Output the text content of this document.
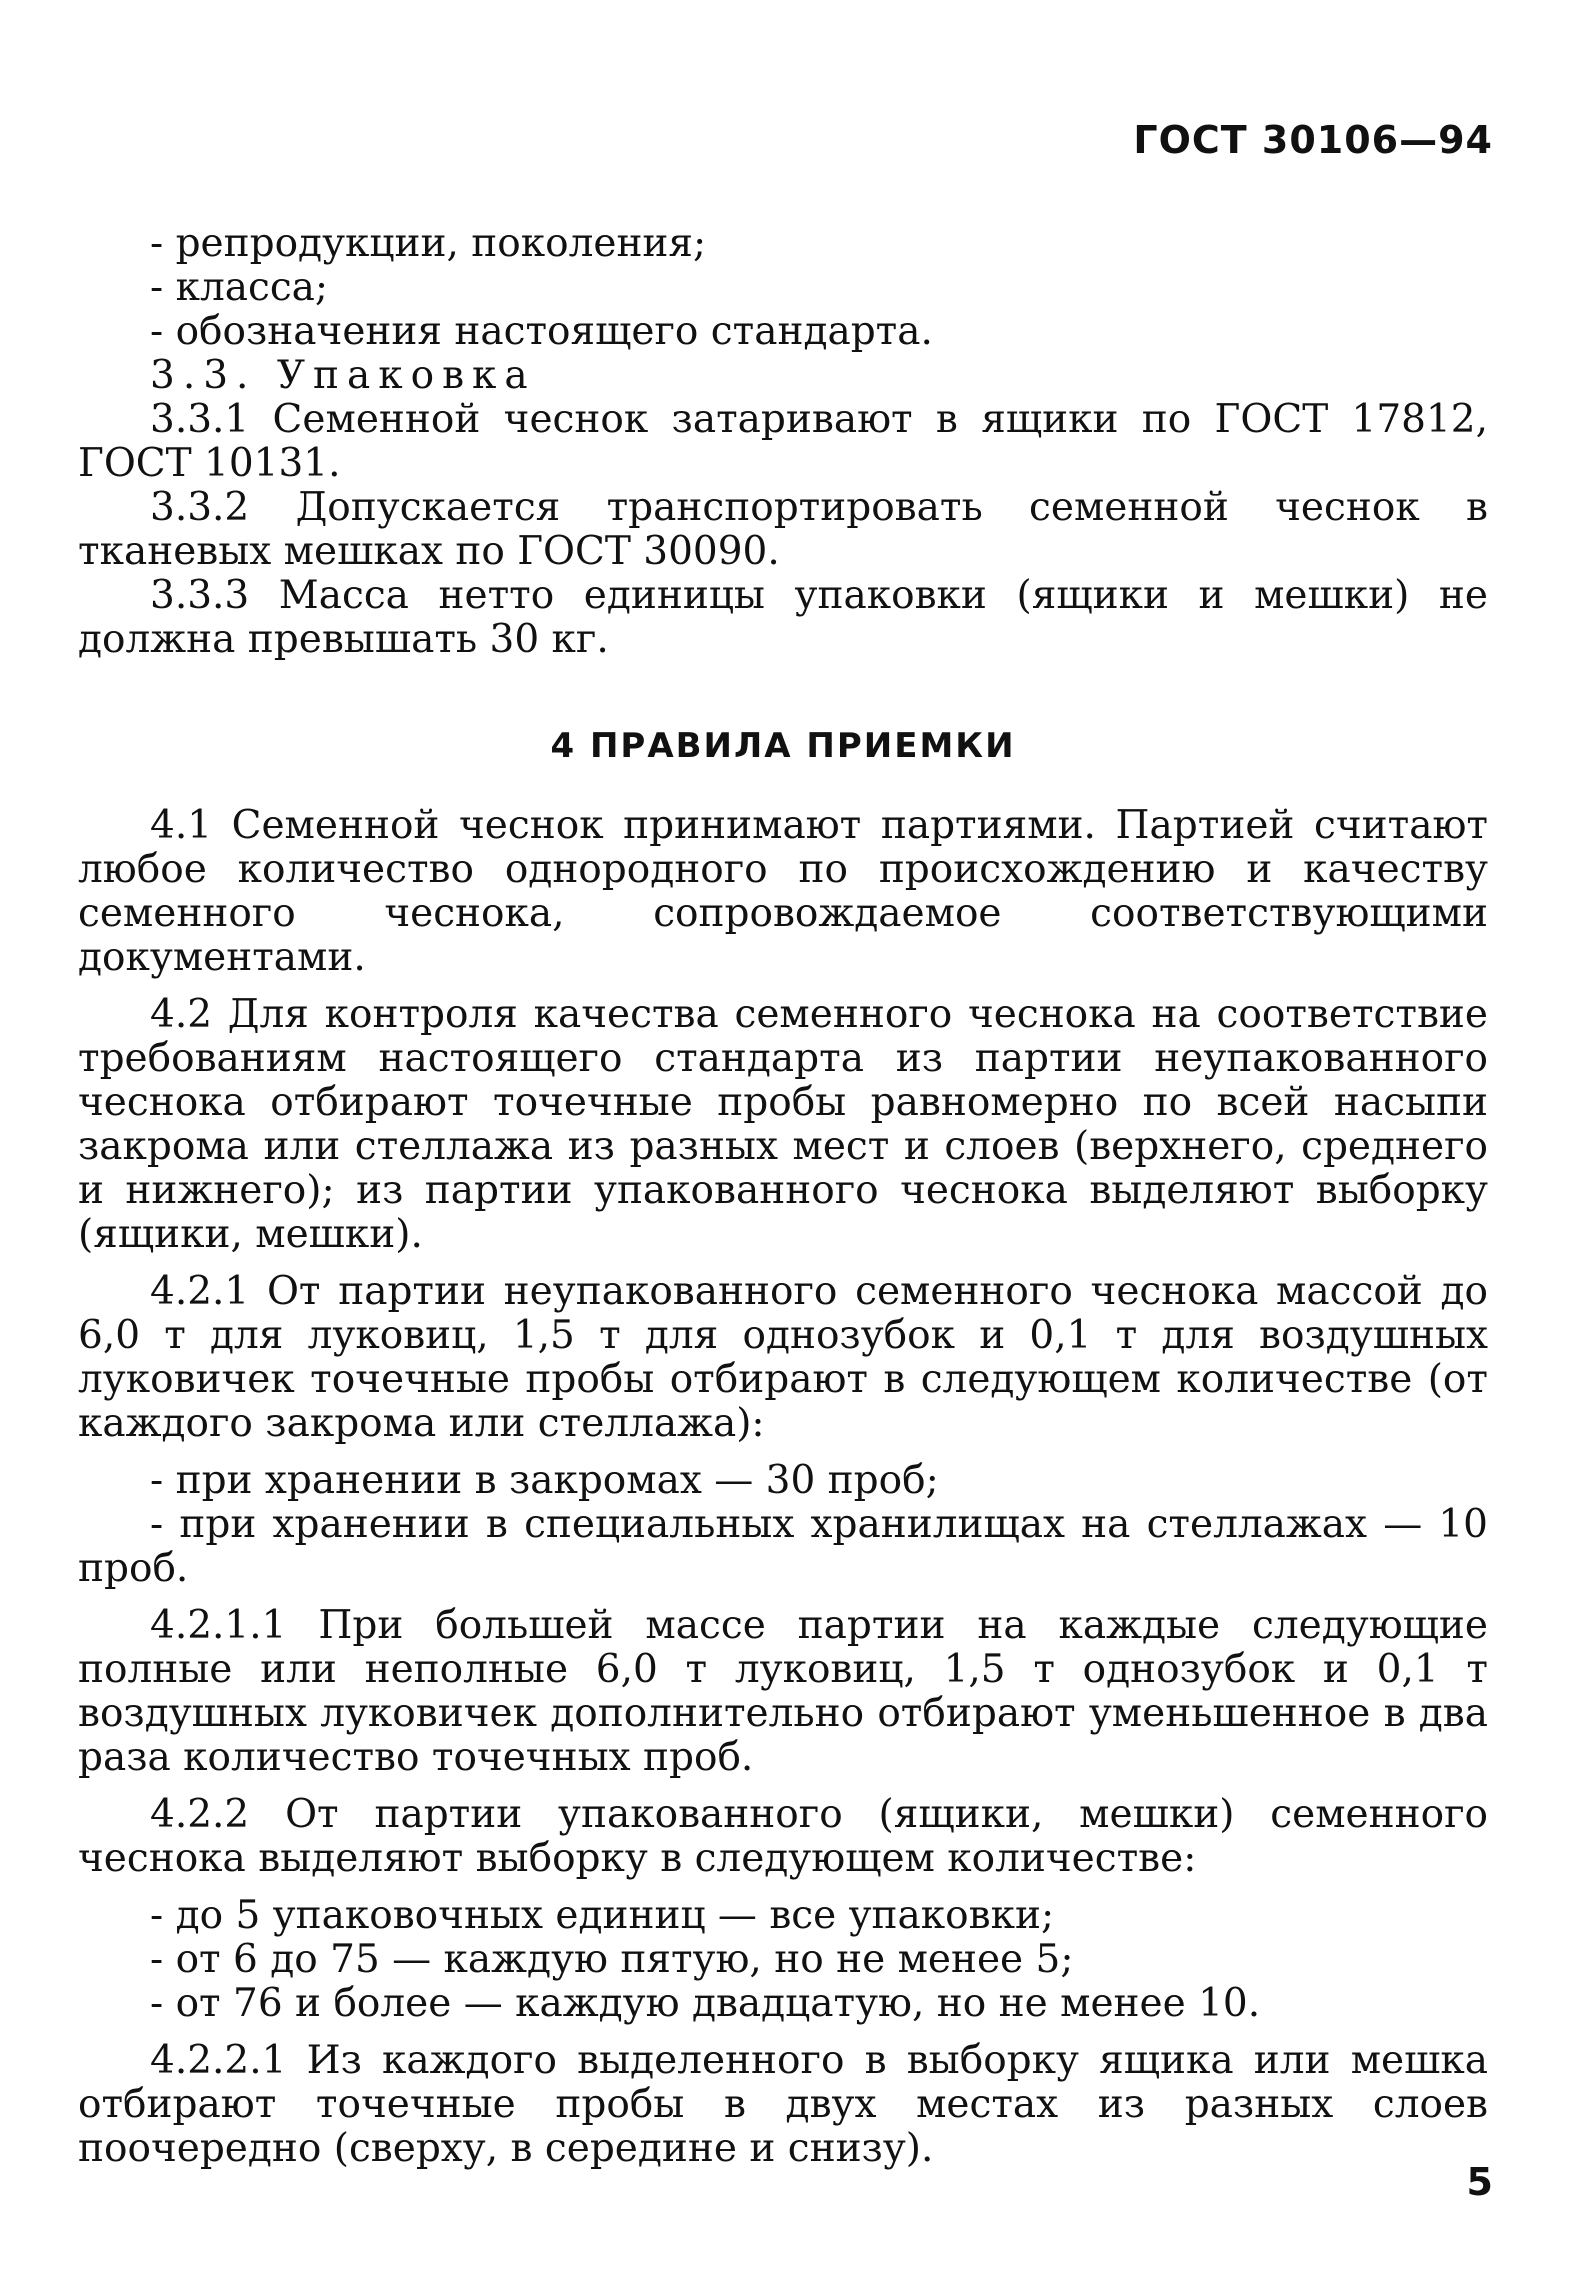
ГОСТ 30106—94

- репродукции, поколения;

- класса;

- обозначения настоящего стандарта.

3.3. Упаковка

3.3.1 Семенной чеснок затаривают в ящики по ГОСТ 17812, ГОСТ 10131.

3.3.2 Допускается транспортировать семенной чеснок в тканевых мешках по ГОСТ 30090.

3.3.3 Масса нетто единицы упаковки (ящики и мешки) не должна превышать 30 кг.

4 ПРАВИЛА ПРИЕМКИ

4.1 Семенной чеснок принимают партиями. Партией считают любое количество однородного по происхождению и качеству семенного чеснока, сопровождаемое соответствующими документами.

4.2 Для контроля качества семенного чеснока на соответствие требованиям настоящего стандарта из партии неупакованного чеснока отбирают точечные пробы равномерно по всей насыпи закрома или стеллажа из разных мест и слоев (верхнего, среднего и нижнего); из партии упакованного чеснока выделяют выборку (ящики, мешки).

4.2.1 От партии неупакованного семенного чеснока массой до 6,0 т для луковиц, 1,5 т для однозубок и 0,1 т для воздушных луковичек точечные пробы отбирают в следующем количестве (от каждого закрома или стеллажа):

- при хранении в закромах — 30 проб;

- при хранении в специальных хранилищах на стеллажах — 10 проб.

4.2.1.1 При большей массе партии на каждые следующие полные или неполные 6,0 т луковиц, 1,5 т однозубок и 0,1 т воздушных луковичек дополнительно отбирают уменьшенное в два раза количество точечных проб.

4.2.2 От партии упакованного (ящики, мешки) семенного чеснока выделяют выборку в следующем количестве:

- до 5 упаковочных единиц — все упаковки;

- от 6 до 75 — каждую пятую, но не менее 5;

- от 76 и более — каждую двадцатую, но не менее 10.

4.2.2.1 Из каждого выделенного в выборку ящика или мешка отбирают точечные пробы в двух местах из разных слоев поочередно (сверху, в середине и снизу).

5
